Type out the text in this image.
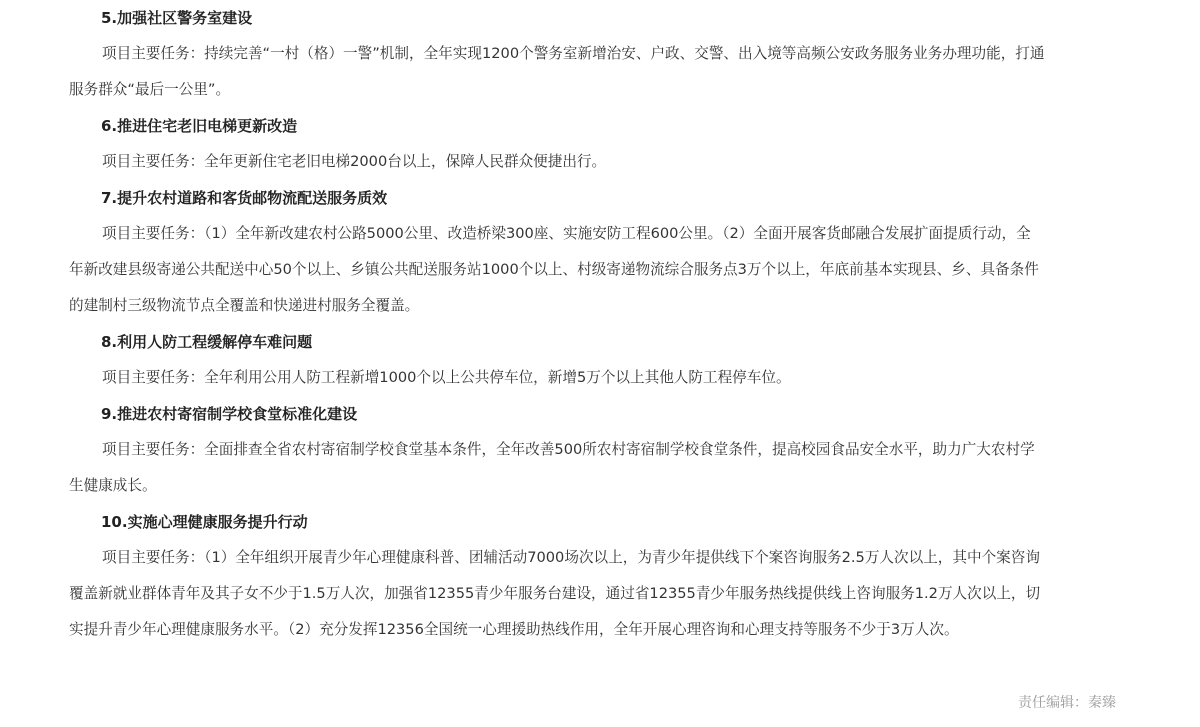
5.加强社区警务室建设
项目主要任务：持续完善“一村（格）一警”机制，全年实现1200个警务室新增治安、户政、交警、出入境等高频公安政务服务业务办理功能，打通
服务群众“最后一公里”。
6.推进住宅老旧电梯更新改造
项目主要任务：全年更新住宅老旧电梯2000台以上，保障人民群众便捷出行。
7.提升农村道路和客货邮物流配送服务质效
项目主要任务：（1）全年新改建农村公路5000公里、改造桥梁300座、实施安防工程600公里。（2）全面开展客货邮融合发展扩面提质行动，全
年新改建县级寄递公共配送中心50个以上、乡镇公共配送服务站1000个以上、村级寄递物流综合服务点3万个以上，年底前基本实现县、乡、具备条件
的建制村三级物流节点全覆盖和快递进村服务全覆盖。
8.利用人防工程缓解停车难问题
项目主要任务：全年利用公用人防工程新增1000个以上公共停车位，新增5万个以上其他人防工程停车位。
9.推进农村寄宿制学校食堂标准化建设
项目主要任务：全面排查全省农村寄宿制学校食堂基本条件，全年改善500所农村寄宿制学校食堂条件，提高校园食品安全水平，助力广大农村学
生健康成长。
10.实施心理健康服务提升行动
项目主要任务：（1）全年组织开展青少年心理健康科普、团辅活动7000场次以上，为青少年提供线下个案咨询服务2.5万人次以上，其中个案咨询
覆盖新就业群体青年及其子女不少于1.5万人次，加强省12355青少年服务台建设，通过省12355青少年服务热线提供线上咨询服务1.2万人次以上，切
实提升青少年心理健康服务水平。（2）充分发挥12356全国统一心理援助热线作用，全年开展心理咨询和心理支持等服务不少于3万人次。
责任编辑：秦臻
